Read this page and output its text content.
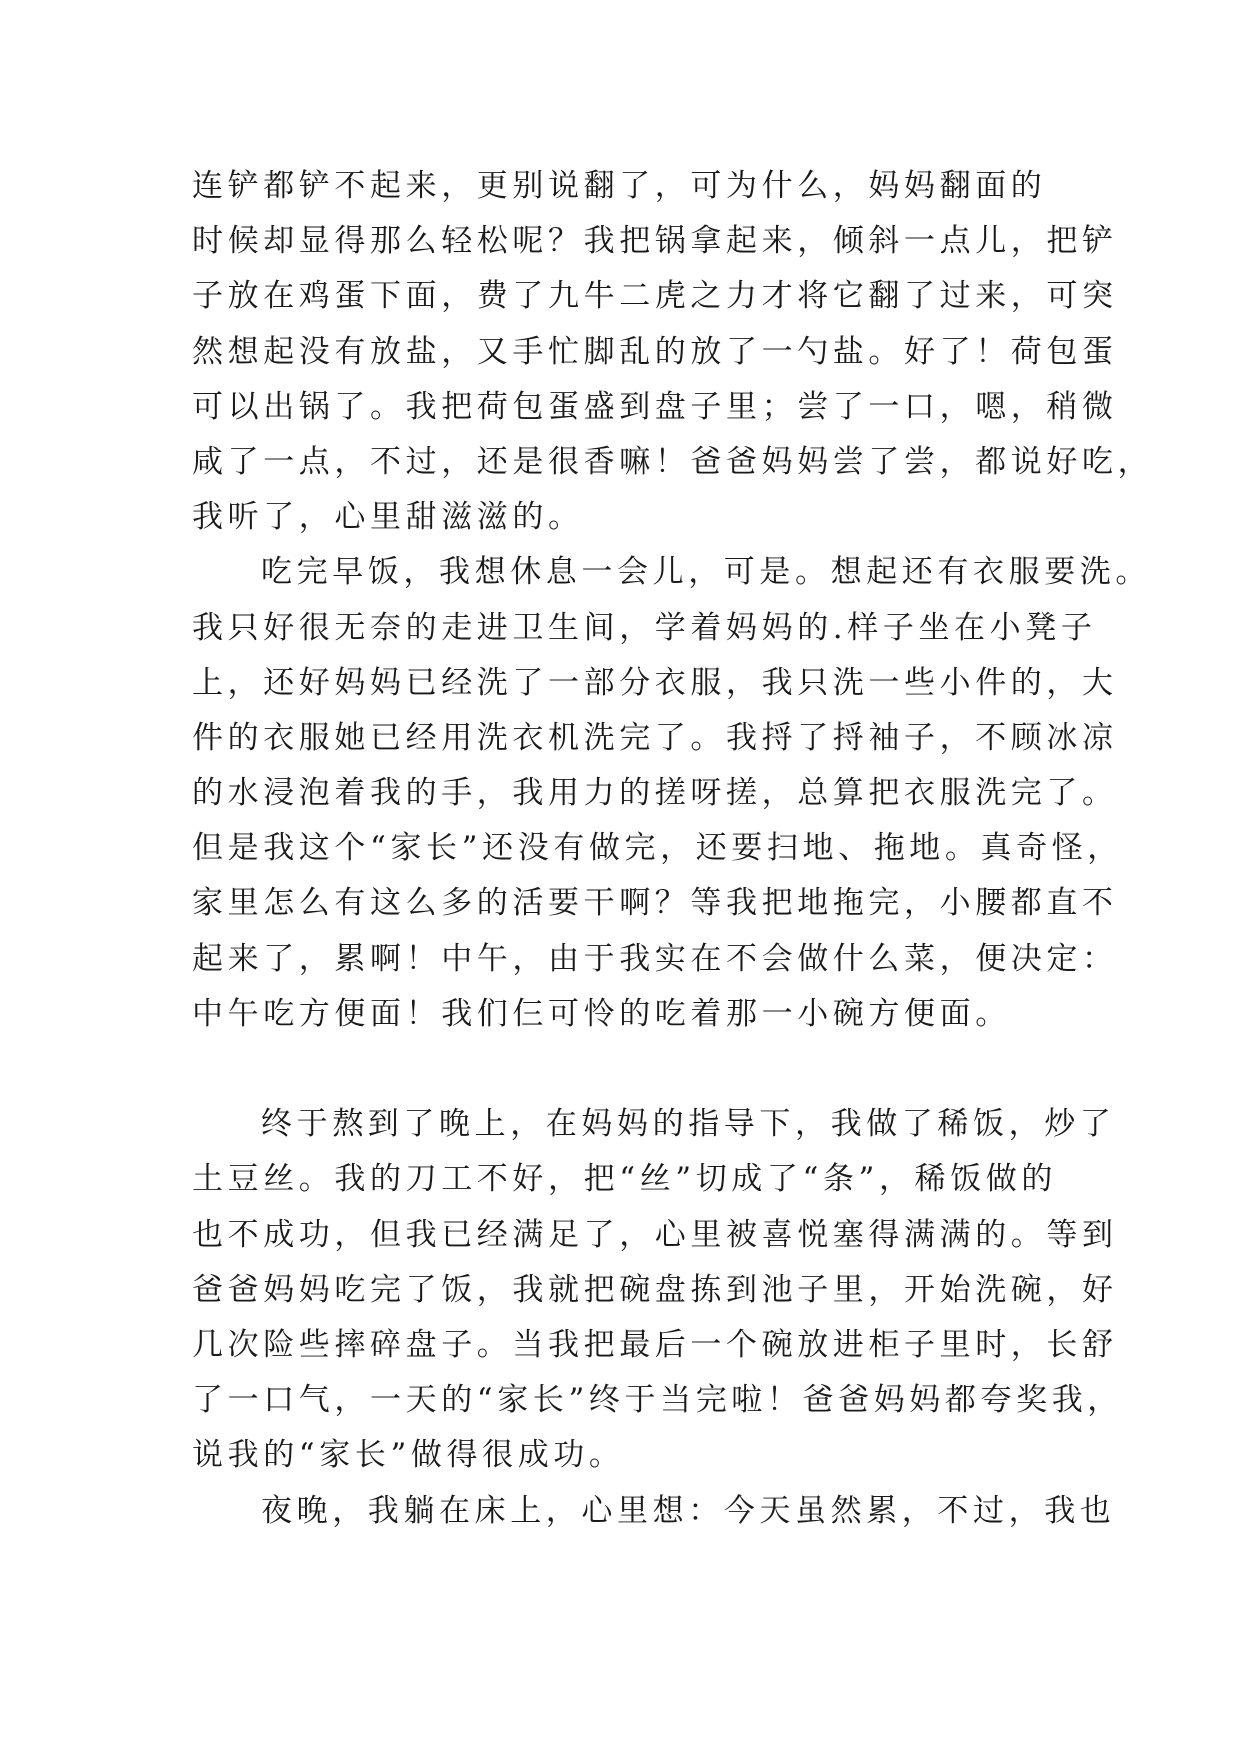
连铲都铲不起来，更别说翻了，可为什么，妈妈翻面的
时候却显得那么轻松呢？我把锅拿起来，倾斜一点儿，把铲
子放在鸡蛋下面，费了九牛二虎之力才将它翻了过来，可突
然想起没有放盐，又手忙脚乱的放了一勺盐。好了！荷包蛋
可以出锅了。我把荷包蛋盛到盘子里；尝了一口，嗯，稍微
咸了一点，不过，还是很香嘛！爸爸妈妈尝了尝，都说好吃，
我听了，心里甜滋滋的。
吃完早饭，我想休息一会儿，可是。想起还有衣服要洗。
我只好很无奈的走进卫生间，学着妈妈的.样子坐在小凳子
上，还好妈妈已经洗了一部分衣服，我只洗一些小件的，大
件的衣服她已经用洗衣机洗完了。我捋了捋袖子，不顾冰凉
的水浸泡着我的手，我用力的搓呀搓，总算把衣服洗完了。
但是我这个“家长”还没有做完，还要扫地、拖地。真奇怪，
家里怎么有这么多的活要干啊？等我把地拖完，小腰都直不
起来了，累啊！中午，由于我实在不会做什么菜，便决定：
中午吃方便面！我们仨可怜的吃着那一小碗方便面。
终于熬到了晚上，在妈妈的指导下，我做了稀饭，炒了
土豆丝。我的刀工不好，把“丝”切成了“条”，稀饭做的
也不成功，但我已经满足了，心里被喜悦塞得满满的。等到
爸爸妈妈吃完了饭，我就把碗盘拣到池子里，开始洗碗，好
几次险些摔碎盘子。当我把最后一个碗放进柜子里时，长舒
了一口气，一天的“家长”终于当完啦！爸爸妈妈都夸奖我，
说我的“家长”做得很成功。
夜晚，我躺在床上，心里想：今天虽然累，不过，我也
